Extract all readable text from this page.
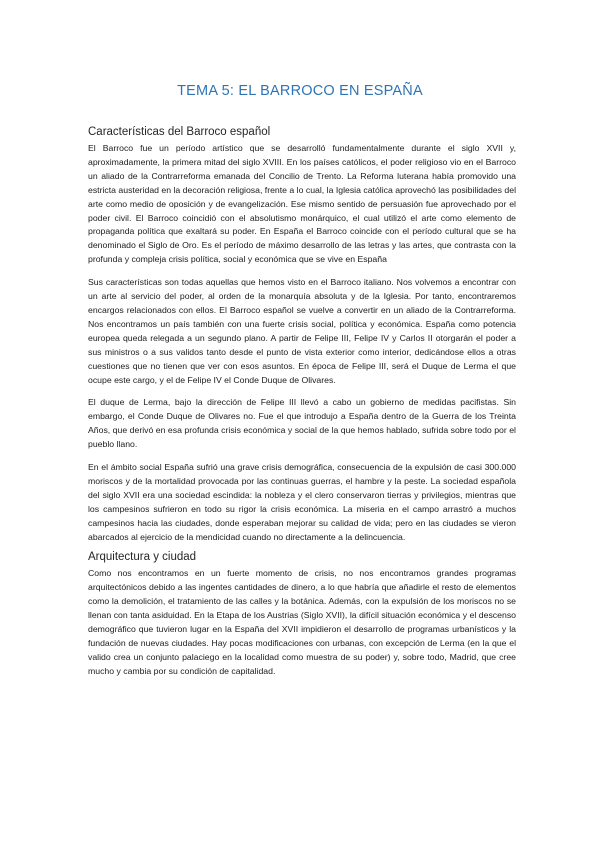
TEMA 5: EL BARROCO EN ESPAÑA
Características del Barroco español

El Barroco fue un período artístico que se desarrolló fundamentalmente durante el siglo XVII y, aproximadamente, la primera mitad del siglo XVIII. En los países católicos, el poder religioso vio en el Barroco un aliado de la Contrarreforma emanada del Concilio de Trento. La Reforma luterana había promovido una estricta austeridad en la decoración religiosa, frente a lo cual, la Iglesia católica aprovechó las posibilidades del arte como medio de oposición y de evangelización. Ese mismo sentido de persuasión fue aprovechado por el poder civil. El Barroco coincidió con el absolutismo monárquico, el cual utilizó el arte como elemento de propaganda política que exaltará su poder. En España el Barroco coincide con el período cultural que se ha denominado el Siglo de Oro. Es el período de máximo desarrollo de las letras y las artes, que contrasta con la profunda y compleja crisis política, social y económica que se vive en España

Sus características son todas aquellas que hemos visto en el Barroco italiano. Nos volvemos a encontrar con un arte al servicio del poder, al orden de la monarquía absoluta y de la Iglesia. Por tanto, encontraremos encargos relacionados con ellos. El Barroco español se vuelve a convertir en un aliado de la Contrarreforma. Nos encontramos un país también con una fuerte crisis social, política y económica. España como potencia europea queda relegada a un segundo plano. A partir de Felipe III, Felipe IV y Carlos II otorgarán el poder a sus ministros o a sus validos tanto desde el punto de vista exterior como interior, dedicándose ellos a otras cuestiones que no tienen que ver con esos asuntos. En época de Felipe III, será el Duque de Lerma el que ocupe este cargo, y el de Felipe IV el Conde Duque de Olivares.

El duque de Lerma, bajo la dirección de Felipe III llevó a cabo un gobierno de medidas pacifistas. Sin embargo, el Conde Duque de Olivares no. Fue el que introdujo a España dentro de la Guerra de los Treinta Años, que derivó en esa profunda crisis económica y social de la que hemos hablado, sufrida sobre todo por el pueblo llano.

En el ámbito social España sufrió una grave crisis demográfica, consecuencia de la expulsión de casi 300.000 moriscos y de la mortalidad provocada por las continuas guerras, el hambre y la peste. La sociedad española del siglo XVII era una sociedad escindida: la nobleza y el clero conservaron tierras y privilegios, mientras que los campesinos sufrieron en todo su rigor la crisis económica. La miseria en el campo arrastró a muchos campesinos hacia las ciudades, donde esperaban mejorar su calidad de vida; pero en las ciudades se vieron abarcados al ejercicio de la mendicidad cuando no directamente a la delincuencia.

Arquitectura y ciudad

Como nos encontramos en un fuerte momento de crisis, no nos encontramos grandes programas arquitectónicos debido a las ingentes cantidades de dinero, a lo que habría que añadirle el resto de elementos como la demolición, el tratamiento de las calles y la botánica. Además, con la expulsión de los moriscos no se llenan con tanta asiduidad. En la Etapa de los Austrias (Siglo XVII), la difícil situación económica y el descenso demográfico que tuvieron lugar en la España del XVII impidieron el desarrollo de programas urbanísticos y la fundación de nuevas ciudades. Hay pocas modificaciones con urbanas, con excepción de Lerma (en la que el valido crea un conjunto palaciego en la localidad como muestra de su poder) y, sobre todo, Madrid, que cree mucho y cambia por su condición de capitalidad.
